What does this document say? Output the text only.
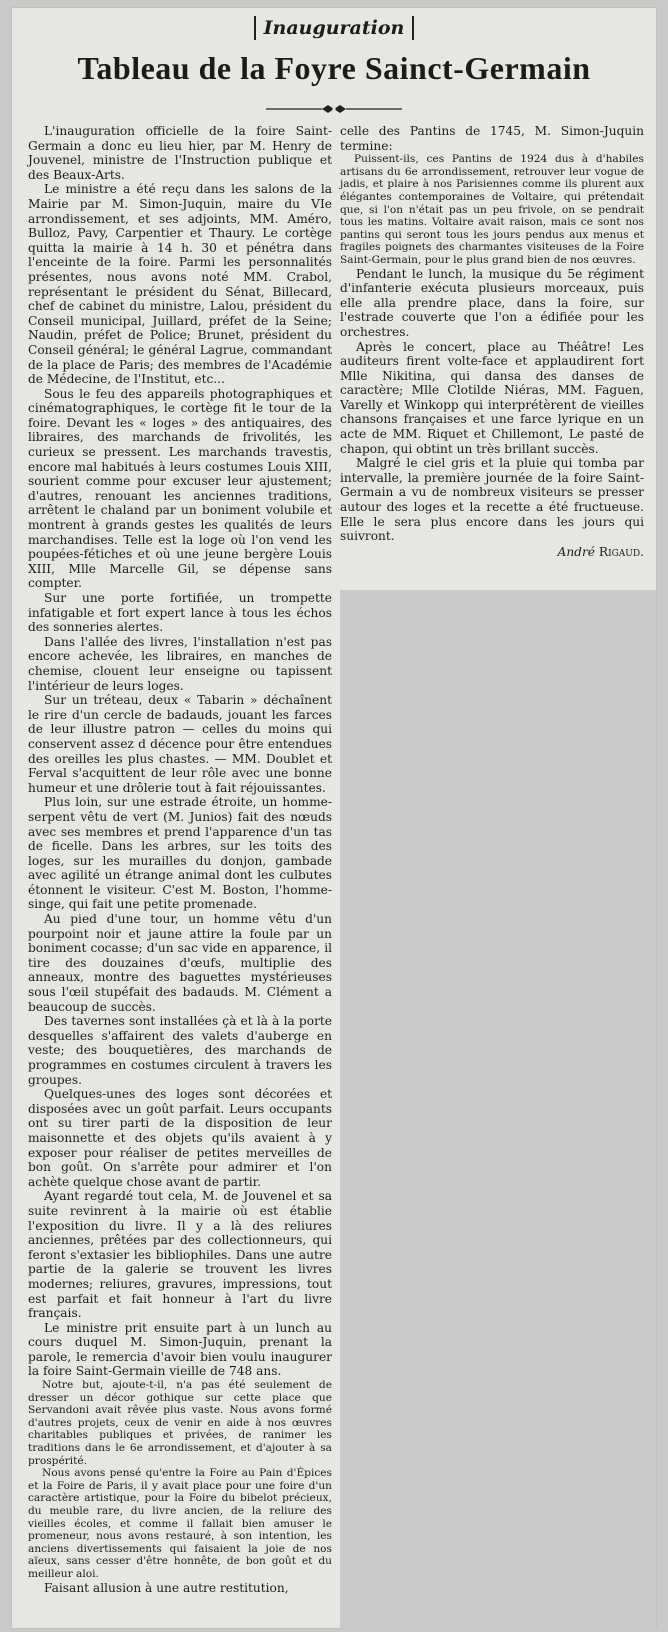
Inauguration
Tableau de la Foyre Sainct-Germain

L'inauguration officielle de la foire Saint-Germain a donc eu lieu hier, par M. Henry de Jouvenel, ministre de l'Instruction publique et des Beaux-Arts.

Le ministre a été reçu dans les salons de la Mairie par M. Simon-Juquin, maire du VIe arrondissement, et ses adjoints, MM. Améro, Bulloz, Pavy, Carpentier et Thaury. Le cortège quitta la mairie à 14 h. 30 et pénétra dans l'enceinte de la foire. Parmi les personnalités présentes, nous avons noté MM. Crabol, représentant le président du Sénat, Billecard, chef de cabinet du ministre, Lalou, président du Conseil municipal, Juillard, préfet de la Seine; Naudin, préfet de Police; Brunet, président du Conseil général; le général Lagrue, commandant de la place de Paris; des membres de l'Académie de Médecine, de l'Institut, etc...

Sous le feu des appareils photographiques et cinématographiques, le cortège fit le tour de la foire. Devant les « loges » des antiquaires, des libraires, des marchands de frivolités, les curieux se pressent. Les marchands travestis, encore mal habitués à leurs costumes Louis XIII, sourient comme pour excuser leur ajustement; d'autres, renouant les anciennes traditions, arrêtent le chaland par un boniment volubile et montrent à grands gestes les qualités de leurs marchandises. Telle est la loge où l'on vend les poupées-fétiches et où une jeune bergère Louis XIII, Mlle Marcelle Gil, se dépense sans compter.

Sur une porte fortifiée, un trompette infatigable et fort expert lance à tous les échos des sonneries alertes.

Dans l'allée des livres, l'installation n'est pas encore achevée, les libraires, en manches de chemise, clouent leur enseigne ou tapissent l'intérieur de leurs loges.

Sur un tréteau, deux « Tabarin » déchaînent le rire d'un cercle de badauds, jouant les farces de leur illustre patron — celles du moins qui conservent assez d décence pour être entendues des oreilles les plus chastes. — MM. Doublet et Ferval s'acquittent de leur rôle avec une bonne humeur et une drôlerie tout à fait réjouissantes.

Plus loin, sur une estrade étroite, un homme-serpent vêtu de vert (M. Junios) fait des nœuds avec ses membres et prend l'apparence d'un tas de ficelle. Dans les arbres, sur les toits des loges, sur les murailles du donjon, gambade avec agilité un étrange animal dont les culbutes étonnent le visiteur. C'est M. Boston, l'homme-singe, qui fait une petite promenade.

Au pied d'une tour, un homme vêtu d'un pourpoint noir et jaune attire la foule par un boniment cocasse; d'un sac vide en apparence, il tire des douzaines d'œufs, multiplie des anneaux, montre des baguettes mystérieuses sous l'œil stupéfait des badauds. M. Clément a beaucoup de succès.

Des tavernes sont installées çà et là à la porte desquelles s'affairent des valets d'auberge en veste; des bouquetières, des marchands de programmes en costumes circulent à travers les groupes.

Quelques-unes des loges sont décorées et disposées avec un goût parfait. Leurs occupants ont su tirer parti de la disposition de leur maisonnette et des objets qu'ils avaient à y exposer pour réaliser de petites merveilles de bon goût. On s'arrête pour admirer et l'on achète quelque chose avant de partir.

Ayant regardé tout cela, M. de Jouvenel et sa suite revinrent à la mairie où est établie l'exposition du livre. Il y a là des reliures anciennes, prêtées par des collectionneurs, qui feront s'extasier les bibliophiles. Dans une autre partie de la galerie se trouvent les livres modernes; reliures, gravures, impressions, tout est parfait et fait honneur à l'art du livre français.

Le ministre prit ensuite part à un lunch au cours duquel M. Simon-Juquin, prenant la parole, le remercia d'avoir bien voulu inaugurer la foire Saint-Germain vieille de 748 ans.

Notre but, ajoute-t-il, n'a pas été seulement de dresser un décor gothique sur cette place que Servandoni avait rêvée plus vaste. Nous avons formé d'autres projets, ceux de venir en aide à nos œuvres charitables publiques et privées, de ranimer les traditions dans le 6e arrondissement, et d'ajouter à sa prospérité.

Nous avons pensé qu'entre la Foire au Pain d'Épices et la Foire de Paris, il y avait place pour une foire d'un caractère artistique, pour la Foire du bibelot précieux, du meuble rare, du livre ancien, de la reliure des vieilles écoles, et comme il fallait bien amuser le promeneur, nous avons restauré, à son intention, les anciens divertissements qui faisaient la joie de nos aïeux, sans cesser d'être honnête, de bon goût et du meilleur aloi.

Faisant allusion à une autre restitution,

celle des Pantins de 1745, M. Simon-Juquin termine:

Puissent-ils, ces Pantins de 1924 dus à d'habiles artisans du 6e arrondissement, retrouver leur vogue de jadis, et plaire à nos Parisiennes comme ils plurent aux élégantes contemporaines de Voltaire, qui prétendait que, si l'on n'était pas un peu frivole, on se pendrait tous les matins. Voltaire avait raison, mais ce sont nos pantins qui seront tous les jours pendus aux menus et fragiles poignets des charmantes visiteuses de la Foire Saint-Germain, pour le plus grand bien de nos œuvres.

Pendant le lunch, la musique du 5e régiment d'infanterie exécuta plusieurs morceaux, puis elle alla prendre place, dans la foire, sur l'estrade couverte que l'on a édifiée pour les orchestres.

Après le concert, place au Théâtre! Les auditeurs firent volte-face et applaudirent fort Mlle Nikitina, qui dansa des danses de caractère; Mlle Clotilde Niéras, MM. Faguen, Varelly et Winkopp qui interprétèrent de vieilles chansons françaises et une farce lyrique en un acte de MM. Riquet et Chillemont, Le pasté de chapon, qui obtint un très brillant succès.

Malgré le ciel gris et la pluie qui tomba par intervalle, la première journée de la foire Saint-Germain a vu de nombreux visiteurs se presser autour des loges et la recette a été fructueuse. Elle le sera plus encore dans les jours qui suivront.

André Rigaud.
